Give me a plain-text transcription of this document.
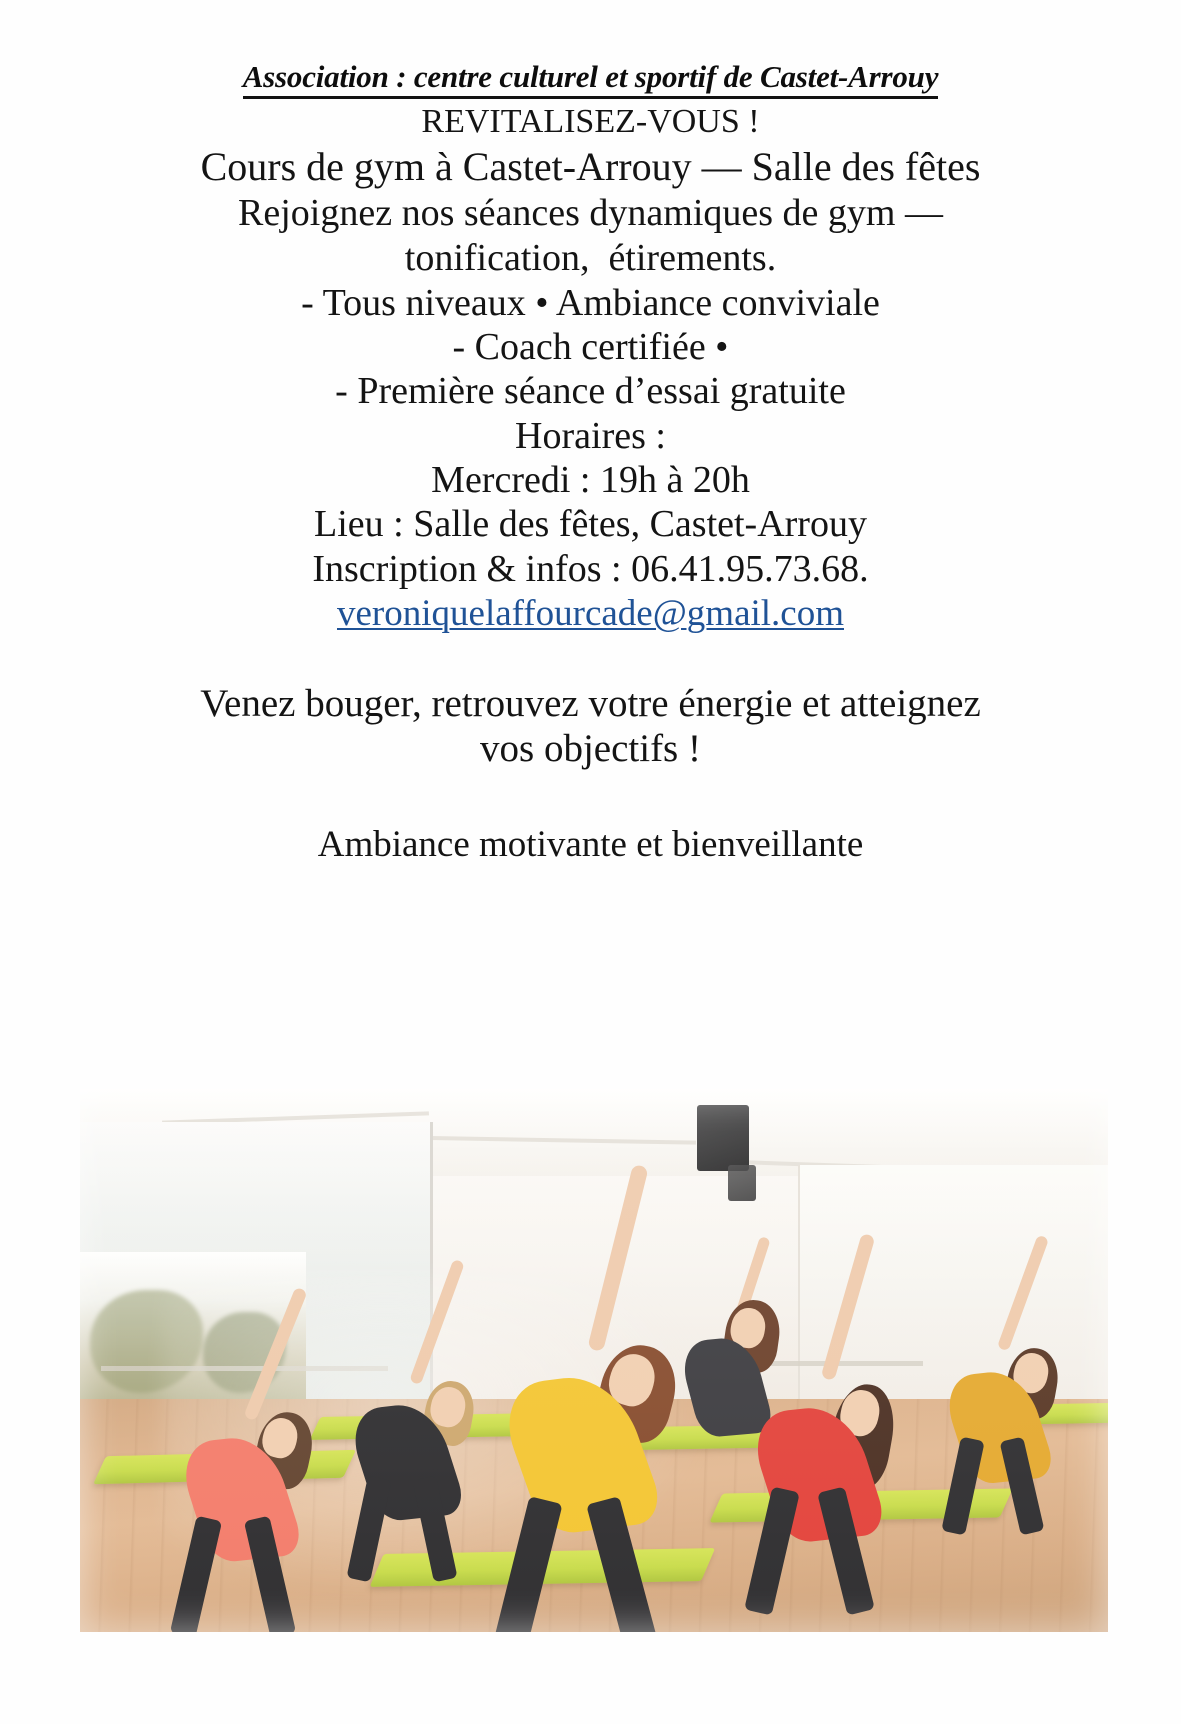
Association : centre culturel et sportif de Castet-Arrouy

REVITALISEZ-VOUS !

Cours de gym à Castet-Arrouy — Salle des fêtes

Rejoignez nos séances dynamiques de gym —

tonification,  étirements.

- Tous niveaux • Ambiance conviviale

- Coach certifiée •

- Première séance d’essai gratuite

Horaires :

Mercredi : 19h à 20h

Lieu : Salle des fêtes, Castet-Arrouy

Inscription & infos : 06.41.95.73.68.

veroniquelaffourcade@gmail.com

Venez bouger, retrouvez votre énergie et atteignez

vos objectifs !

Ambiance motivante et bienveillante
